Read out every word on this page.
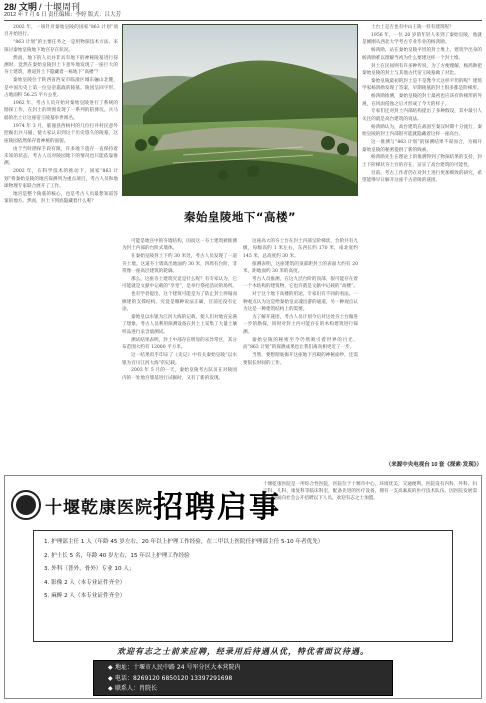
28/ 文明 / 十堰周刊
2012 年 7 月 6 日 责任编辑：李婷 版式：吕大芳

2002 年，一项针对秦始皇陵的国家“863 计划”项目开始进行。

“863 计划”的主要任务之一是用物探技术方法，来探讨秦始皇陵地下地宫存在状况。

然而，地下的人员并非具有地下的神秘陵墓进行探测时，竟然在秦始皇陵封土下意外地发现了一座巨大的夯土建筑，难道封土下隐藏着一栋地下“高楼”？

秦始皇陵位于陕西省西安市临潼区城东骊山北麓，是中国历史上第一位皇帝嬴政的陵墓。陵园呈回字形，占地面积 56.25 平方公里。

1962 年，考古人员开始对秦始皇陵进行了系统的勘探工作，在封土的周围发现了一系列的陪葬坑。兵马俑的出土让这座帝王陵墓举世闻名。

1974 年 3 月，临潼县西杨村的几位打井村民意外挖掘出兵马俑，使大家认识到这个历史悠久的陵墓，这座陵园依然保存着神秘的面貌。

由于当时勘探手段有限，许多地下遗存一直保持着未知的状态，考古人员对陵园地下的情况也只能依靠推测。

2002 年，在科学技术的推动下，国家“863 计划”将秦始皇陵的地宫探测列为重点项目，考古人员和地球物理专家联合展开了工作。

地宫是整个陵墓的核心，也是考古人员最想知道答案的地方。然而，封土下到底隐藏着什么呢？

秦始皇陵地下“高楼”

可能是地宫中的夯墙结构，因而这一夯土建筑被推测为封土内部的台阶式墙体。

在秦始皇陵封土下约 30 米处，考古人员发现了一道夯土墙。这道夯土墙高出地面约 30 米，四周有台阶，非常像一座高层建筑的轮廓。

那么，这座夯土建筑究竟是什么呢？有专家认为，它可能就是文献中记载的“享堂”，是举行祭祀活动的场所。

也有学者提出，这个建筑可能是为了防止封土坍塌而修建的支撑结构。究竟是哪种说法正确，目前还没有定论。

秦始皇以水银为江河大海的记载，使人们对地宫充满了想象。考古人员利用探测设备在封土上采集了大量土壤样品进行汞含量测试。

测试结果表明，封土中部存在明显的汞异常区，其分布范围大约有 12000 平方米。

这一结果似乎印证了《史记》中有关秦始皇陵“以水银为百川江河大海”的记载。

2003 年 5 月的一天，秦始皇陵考古队员在对陵园内的一处地宫墙基进行试掘时，又有了新的发现。

这座高大的夯土台在封土内部呈阶梯状，台阶共有九级，每级高约 1 米左右，东西长约 170 米，南北宽约 145 米，总高度约 30 米。

探测表明，这座建筑的顶部距封土的表面大约有 20 米，距地面约 30 米的高度。

考古人员推测，在这九层台阶的顶部，很可能存在着一个木结构的建筑物，它也许就是文献中记载的“高楼”。

对于这个地下高楼的用途，专家们有不同的看法。一种观点认为这是给秦始皇灵魂出游的通道，另一种观点认为这是一种建筑结构上的需要。

为了解开谜团，考古人员计划今后对这处夯土台做进一步的勘探，同时对封土内可能存在的木构建筑进行探测。

秦始皇陵的秘密至今仍然吸引着世界的目光，而“863 计划”的探测成果也让我们离真相更近了一步。

当然，要想彻底揭开这座地下宫殿的神秘面纱，还需要很长时间的工作。

土台上是否也有中山王陵一样有建筑呢？

1956 年，一位 20 岁的年轻人来到了秦始皇陵，他就是刚刚从西北大学考古专业毕业的杨鸿勋。

杨鸿勋，站在秦始皇陵平坦的封土堆上，建筑学出身的杨鸿勋难以理解当初为什么要建这样一个封土堆。

封土在民间则有许多种传说，为了方便理解，杨鸿勋把秦始皇陵的封土与其他古代帝王陵墓做了对比。

秦始皇陵最初的封土是不是像今天这样平坦的呢？建筑学家杨鸿勋发现了答案，早期陵墓的封土很多都是阶梯形。

杨鸿勋推测，秦始皇陵的封土最初也应该有阶梯形的外观，在风雨侵蚀之后才形成了今天的样子。

专家们还对封土内部结构提出了多种假设，其中最引人关注的就是高台建筑的说法。

杨鸿勋认为，高台建筑在战国至秦汉时期十分流行，秦始皇陵的封土内部很可能就隐藏着这样一座高台。

这一推测与“863 计划”的探测结果不谋而合，为揭开秦始皇陵的秘密提供了新的线索。

杨鸿勋先生在理论上的推测得到了物探结果的支持，封土下阶梯状夯土台的存在，证实了高台建筑的可能性。

目前，考古工作者仍在对封土进行更加细致的研究，希望能够早日解开这座千古帝陵的谜团。

（来源中央电视台 10 套《探索·发现》）
十堰乾康医院 招聘启事
十堰乾康医院是一所综合性医院，医院位于十堰市中心，环境优美，交通便利。医院设有内科、外科、妇产科、儿科、康复科等临床科室，配备先进的医疗设备，拥有一支高素质的医疗技术队伍。因医院发展需要，现面向社会公开招聘以下人员，欢迎有志之士加盟。
1. 护理部主任 1 人（年龄 45 岁左右，20 年以上护理工作经验，在二甲以上医院任护理部主任 5-10 年者优先）
2. 护士长 5 名，年龄 40 岁左右，15 年以上护理工作经验
3. 外科（普外、骨外）专业 10 人；
4. 影像 2 人（本专业证件齐全）
5. 麻醉 2 人（本专业证件齐全）
欢迎有志之士前来应聘，经录用后待遇从优，特优者面议待遇。
◆ 地址：十堰市人民中路 24 号军分区大本营院内
◆ 电话：8269120 6850120 13397291698
◆ 联系人：肖院长
